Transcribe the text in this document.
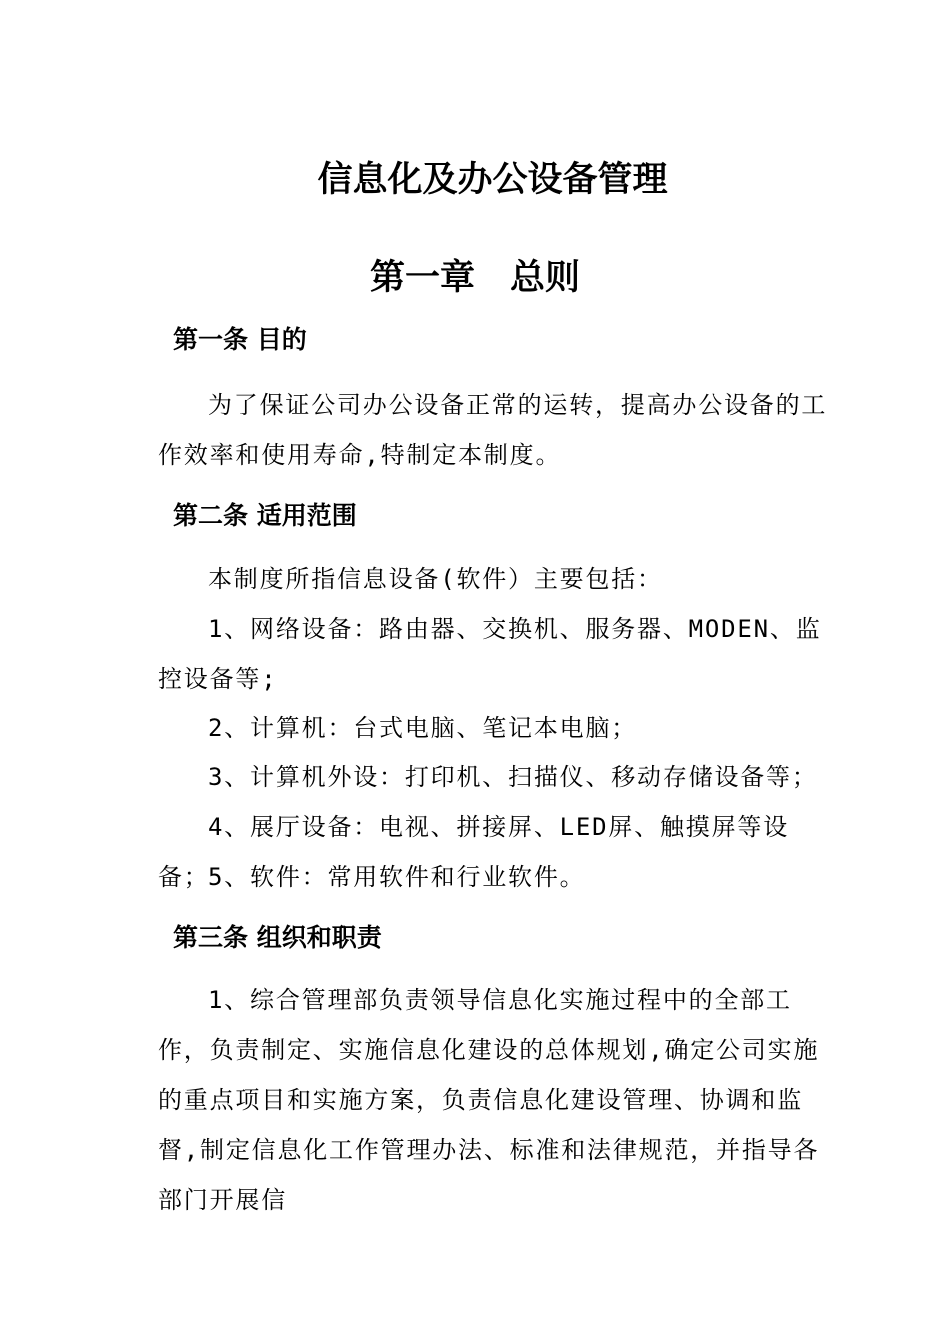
信息化及办公设备管理
第一章　总则
第一条 目的

为了保证公司办公设备正常的运转，提高办公设备的工作效率和使用寿命,特制定本制度。

第二条 适用范围

本制度所指信息设备(软件）主要包括：

1、网络设备：路由器、交换机、服务器、MODEN、监控设备等;

2、计算机：台式电脑、笔记本电脑；

3、计算机外设：打印机、扫描仪、移动存储设备等；

4、展厅设备：电视、拼接屏、LED屏、触摸屏等设备；

5、软件：常用软件和行业软件。

第三条 组织和职责

1、综合管理部负责领导信息化实施过程中的全部工作，负责制定、实施信息化建设的总体规划,确定公司实施的重点项目和实施方案，负责信息化建设管理、协调和监督,制定信息化工作管理办法、标准和法律规范，并指导各部门开展信
